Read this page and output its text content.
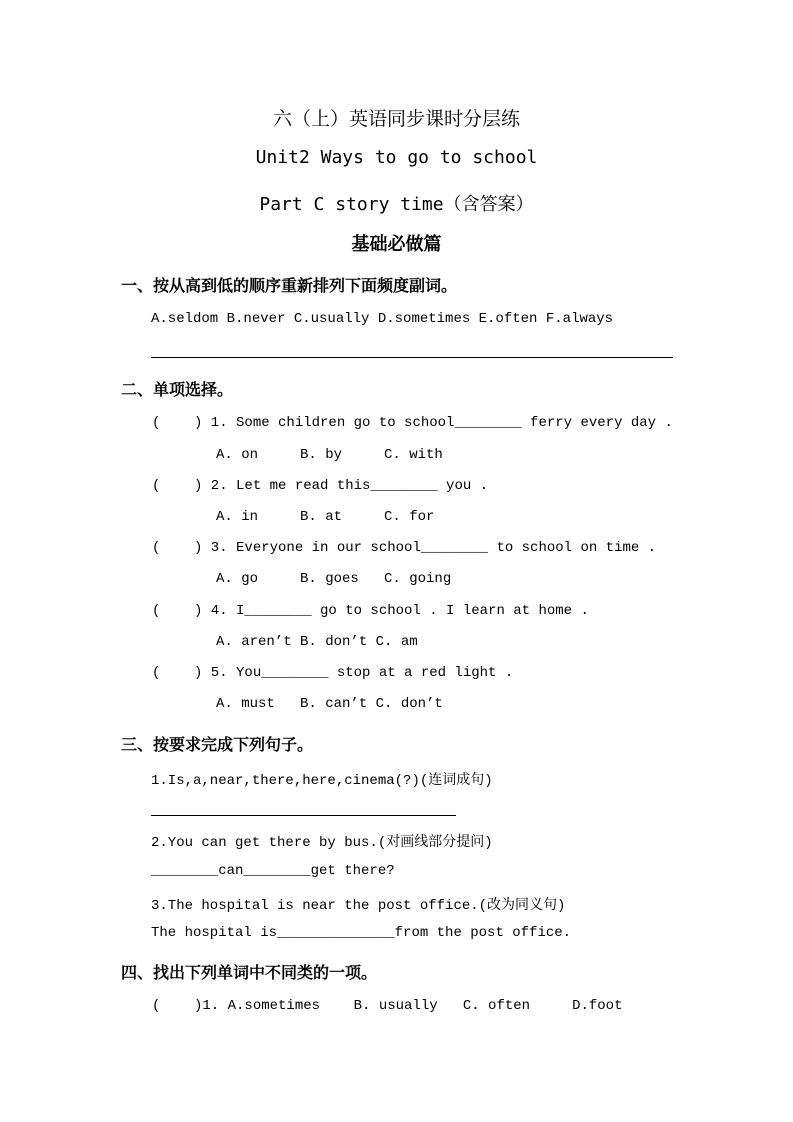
六（上）英语同步课时分层练
Unit2 Ways to go to school
Part C story time（含答案）
基础必做篇
一、按从高到低的顺序重新排列下面频度副词。
A.seldom B.never C.usually D.sometimes E.often F.always
二、单项选择。
(    ) 1. Some children go to school________ ferry every day .
A. on     B. by     C. with
(    ) 2. Let me read this________ you .
A. in     B. at     C. for
(    ) 3. Everyone in our school________ to school on time .
A. go     B. goes   C. going
(    ) 4. I________ go to school . I learn at home .
A. aren’t B. don’t C. am
(    ) 5. You________ stop at a red light .
A. must   B. can’t C. don’t
三、按要求完成下列句子。
1.Is,a,near,there,here,cinema(?)(连词成句)
2.You can get there by bus.(对画线部分提问)
________can________get there?
3.The hospital is near the post office.(改为同义句)
The hospital is______________from the post office.
四、找出下列单词中不同类的一项。
(    )1. A.sometimes    B. usually   C. often     D.foot
